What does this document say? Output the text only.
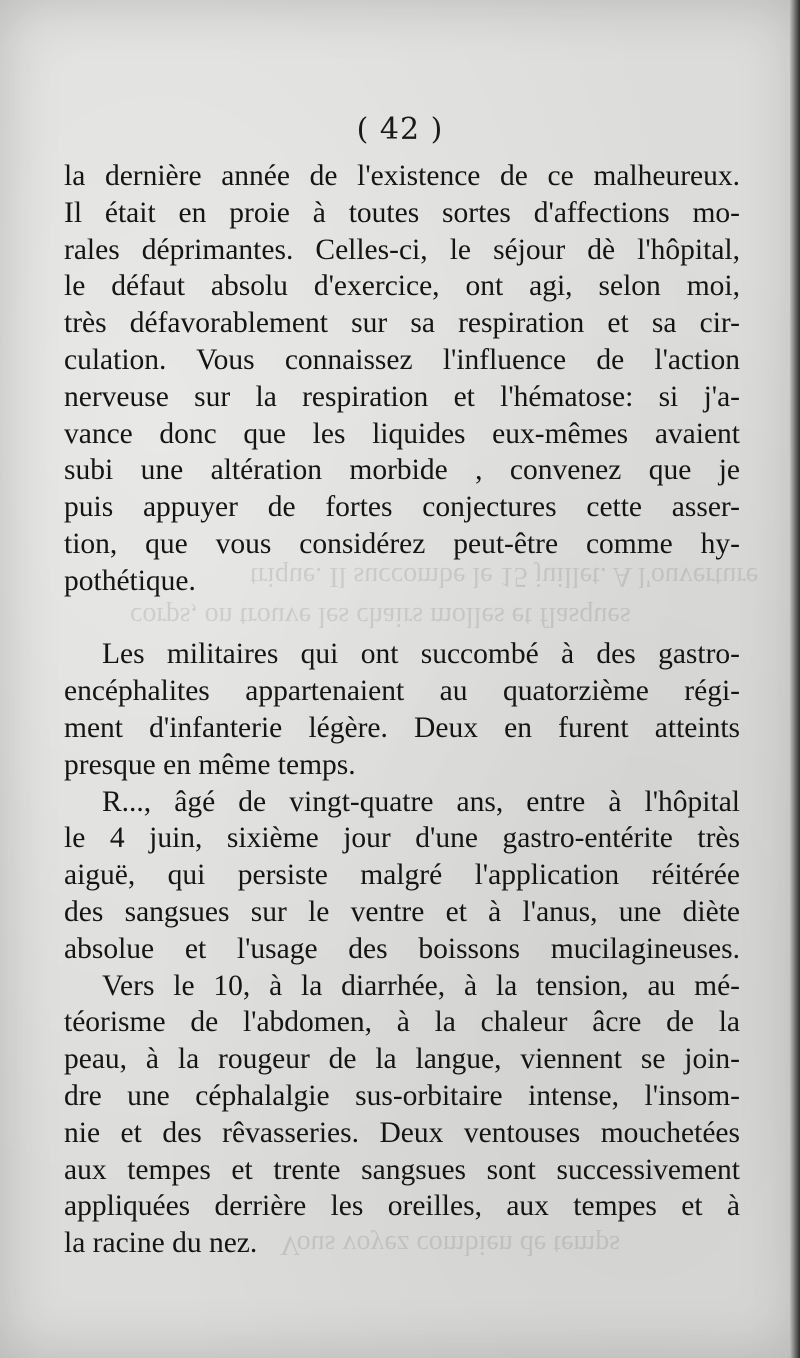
trique. Il succombe le 15 juillet. A l'ouverture
corps, on trouve les chairs molles et flasques
Vous voyez combien de temps
( 42 )
la dernière année de l'existence de ce malheureux.
Il était en proie à toutes sortes d'affections mo-
rales déprimantes. Celles-ci, le séjour dè l'hôpital,
le défaut absolu d'exercice, ont agi, selon moi,
très défavorablement sur sa respiration et sa cir-
culation. Vous connaissez l'influence de l'action
nerveuse sur la respiration et l'hématose: si j'a-
vance donc que les liquides eux-mêmes avaient
subi une altération morbide , convenez que je
puis appuyer de fortes conjectures cette asser-
tion, que vous considérez peut-être comme hy-
pothétique.
Les militaires qui ont succombé à des gastro-
encéphalites appartenaient au quatorzième régi-
ment d'infanterie légère. Deux en furent atteints
presque en même temps.
R..., âgé de vingt-quatre ans, entre à l'hôpital
le 4 juin, sixième jour d'une gastro-entérite très
aiguë, qui persiste malgré l'application réitérée
des sangsues sur le ventre et à l'anus, une diète
absolue et l'usage des boissons mucilagineuses.
Vers le 10, à la diarrhée, à la tension, au mé-
téorisme de l'abdomen, à la chaleur âcre de la
peau, à la rougeur de la langue, viennent se join-
dre une céphalalgie sus-orbitaire intense, l'insom-
nie et des rêvasseries. Deux ventouses mouchetées
aux tempes et trente sangsues sont successivement
appliquées derrière les oreilles, aux tempes et à
la racine du nez.
